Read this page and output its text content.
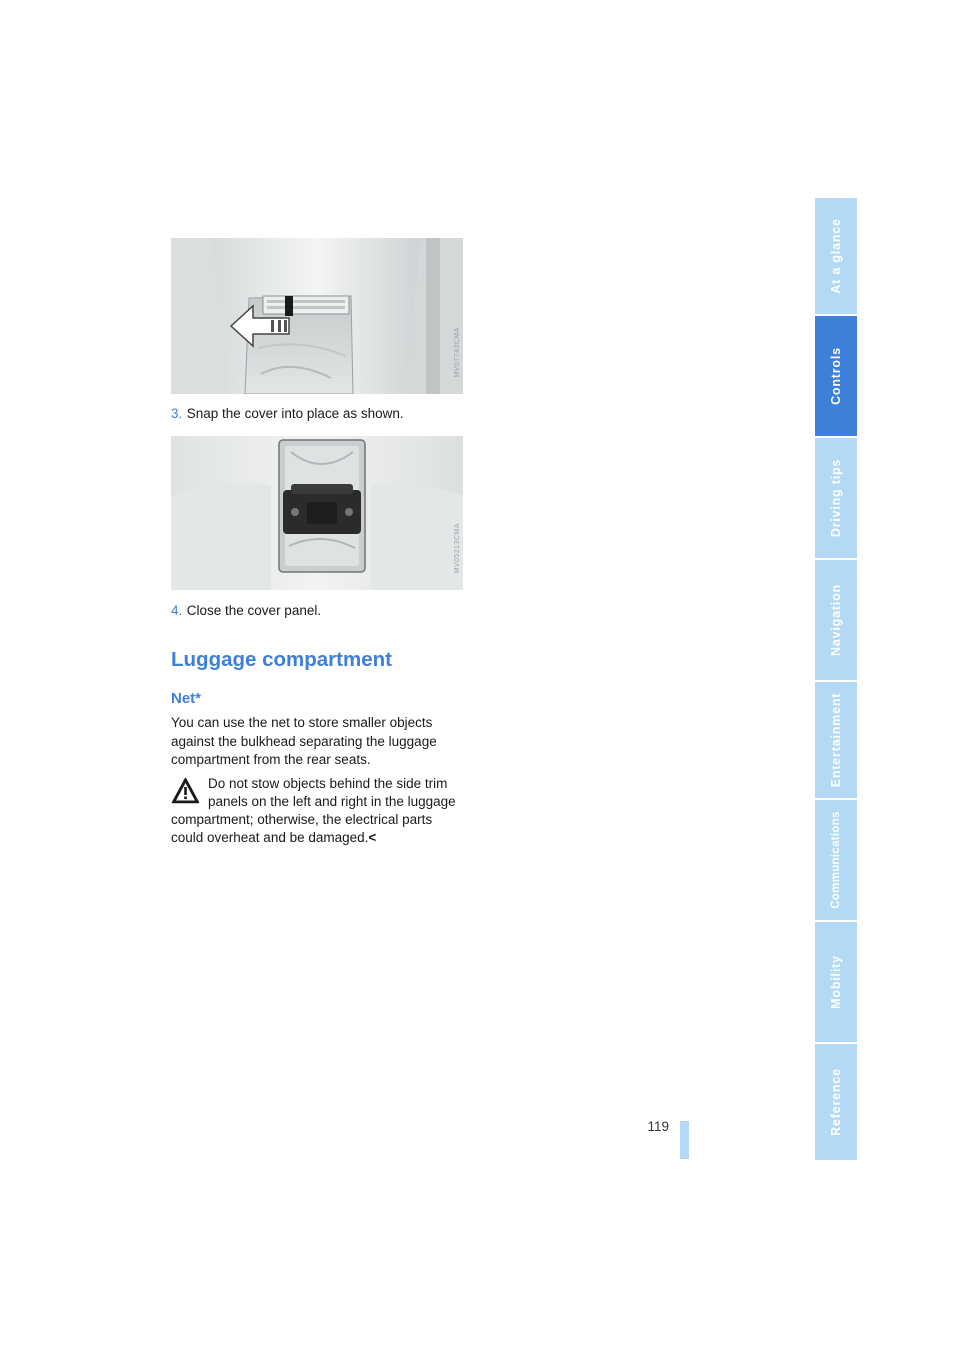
MV07743CMA
3. Snap the cover into place as shown.
MV05213CMA
4. Close the cover panel.
Luggage compartment
Net*

You can use the net to store smaller objects against the bulkhead separating the luggage compartment from the rear seats.

Do not stow objects behind the side trim
panels on the left and right in the luggage
compartment; otherwise, the electrical parts
could overheat and be damaged.<
119
At a glance
Controls
Driving tips
Navigation
Entertainment
Communications
Mobility
Reference
